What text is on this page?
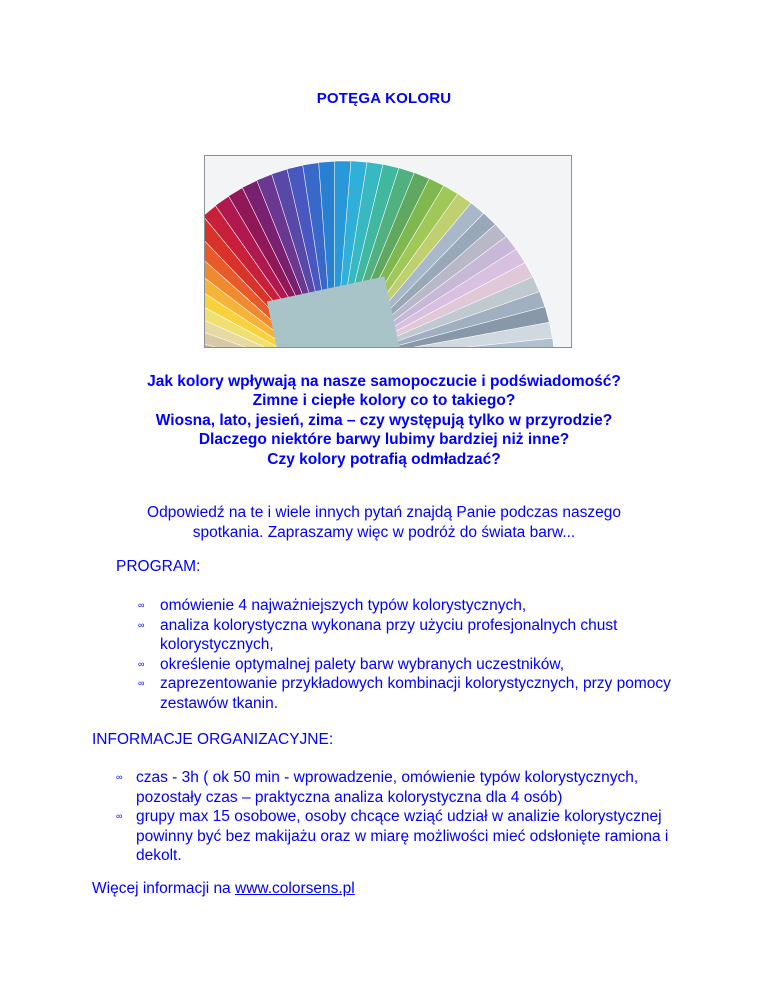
POTĘGA KOLORU
Jak kolory wpływają na nasze samopoczucie i podświadomość?
Zimne i ciepłe kolory co to takiego?
Wiosna, lato, jesień, zima – czy występują tylko w przyrodzie?
Dlaczego niektóre barwy lubimy bardziej niż inne?
Czy kolory potrafią odmładzać?
Odpowiedź na te i wiele innych pytań znajdą Panie podczas naszego
spotkania. Zapraszamy więc w podróż do świata barw...
PROGRAM:
∞ omówienie 4 najważniejszych typów kolorystycznych,
∞ analiza kolorystyczna wykonana przy użyciu profesjonalnych chust kolorystycznych,
∞ określenie optymalnej palety barw wybranych uczestników,
∞ zaprezentowanie przykładowych kombinacji kolorystycznych, przy pomocy zestawów tkanin.
INFORMACJE ORGANIZACYJNE:
∞ czas - 3h ( ok 50 min - wprowadzenie, omówienie typów kolorystycznych, pozostały czas – praktyczna analiza kolorystyczna dla 4 osób)
∞ grupy max 15 osobowe, osoby chcące wziąć udział w analizie kolorystycznej powinny być bez makijażu oraz w miarę możliwości mieć odsłonięte ramiona i dekolt.
Więcej informacji na www.colorsens.pl
